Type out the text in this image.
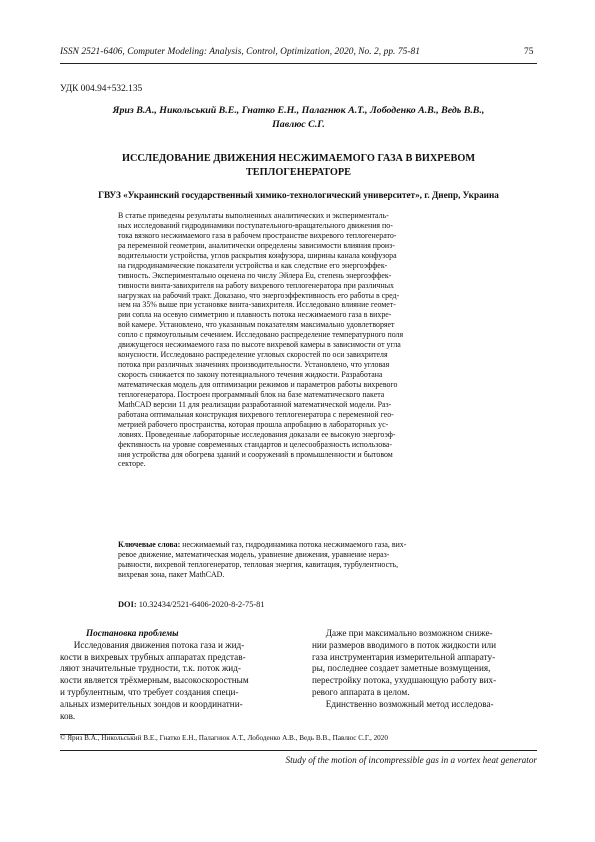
ISSN 2521-6406, Computer Modeling: Analysis, Control, Optimization, 2020, No. 2, pp. 75-81	75
УДК 004.94+532.135
Яриз В.А., Никольський В.Е., Гнатко Е.Н., Палагнюк А.Т., Лободенко А.В., Ведь В.В.,
Павлюс С.Г.
ИССЛЕДОВАНИЕ ДВИЖЕНИЯ НЕСЖИМАЕМОГО ГАЗА В ВИХРЕВОМ
ТЕПЛОГЕНЕРАТОРЕ
ГВУЗ «Украинский государственный химико-технологический университет», г. Днепр, Украина
В статье приведены результаты выполненных аналитических и эксперименталь-
ных исследований гидродинамики поступательного-вращательного движения по-
тока вязкого несжимаемого газа в рабочем пространстве вихревого теплогенерато-
ра переменной геометрии, аналитически определены зависимости влияния произ-
водительности устройства, углов раскрытия конфузора, ширины канала конфузора
на гидродинамические показатели устройства и как следствие его энергоэффек-
тивность. Экспериментально оценена по числу Эйлера Eu, степень энергоэффек-
тивности винта-завихрителя на работу вихревого теплогенератора при различных
нагрузках на рабочий тракт. Доказано, что энергоэффективность его работы в сред-
нем на 35% выше при установке винта-завихрителя. Исследовано влияние геомет-
рии сопла на осевую симметрию и плавность потока несжимаемого газа в вихре-
вой камере. Установлено, что указанным показателям максимально удовлетворяет
сопло с прямоугольным сечением. Исследовано распределение температурного поля
движущегося несжимаемого газа по высоте вихревой камеры в зависимости от угла
конусности. Исследовано распределение угловых скоростей по оси завихрителя
потока при различных значениях производительности. Установлено, что угловая
скорость снижается по закону потенциального течения жидкости. Разработана
математическая модель для оптимизации режимов и параметров работы вихревого
теплогенератора. Построен программный блок на базе математического пакета
MathCAD версии 11 для реализации разработанной математической модели. Раз-
работана оптимальная конструкция вихревого теплогенератора с переменной гео-
метрией рабочего пространства, которая прошла апробацию в лабораторных ус-
ловиях. Проведенные лабораторные исследования доказали ее высокую энергоэф-
фективность на уровне современных стандартов и целесообразность использова-
ния устройства для обогрева зданий и сооружений в промышленности и бытовом
секторе.
Ключевые слова: несжимаемый газ, гидродинамика потока несжимаемого газа, вих-
ревое движение, математическая модель, уравнение движения, уравнение нераз-
рывности, вихревой теплогенератор, тепловая энергия, кавитация, турбулентность,
вихревая зона, пакет MathCAD.
DOI: 10.32434/2521-6406-2020-8-2-75-81
Постановка проблемы
Исследования движения потока газа и жид-
кости в вихревых трубных аппаратах представ-
ляют значительные трудности, т.к. поток жид-
кости является трёхмерным, высокоскоростным
и турбулентным, что требует создания специ-
альных измерительных зондов и координатни-
ков.
Даже при максимально возможном сниже-
нии размеров вводимого в поток жидкости или
газа инструментария измерительной аппарату-
ры, последнее создает заметные возмущения,
перестройку потока, ухудшающую работу вих-
ревого аппарата в целом.
Единственно возможный метод исследова-
© Яриз В.А., Никольський В.Е., Гнатко Е.Н., Палагнюк А.Т., Лободенко А.В., Ведь В.В., Павлюс С.Г., 2020
Study of the motion of incompressible gas in a vortex heat generator
